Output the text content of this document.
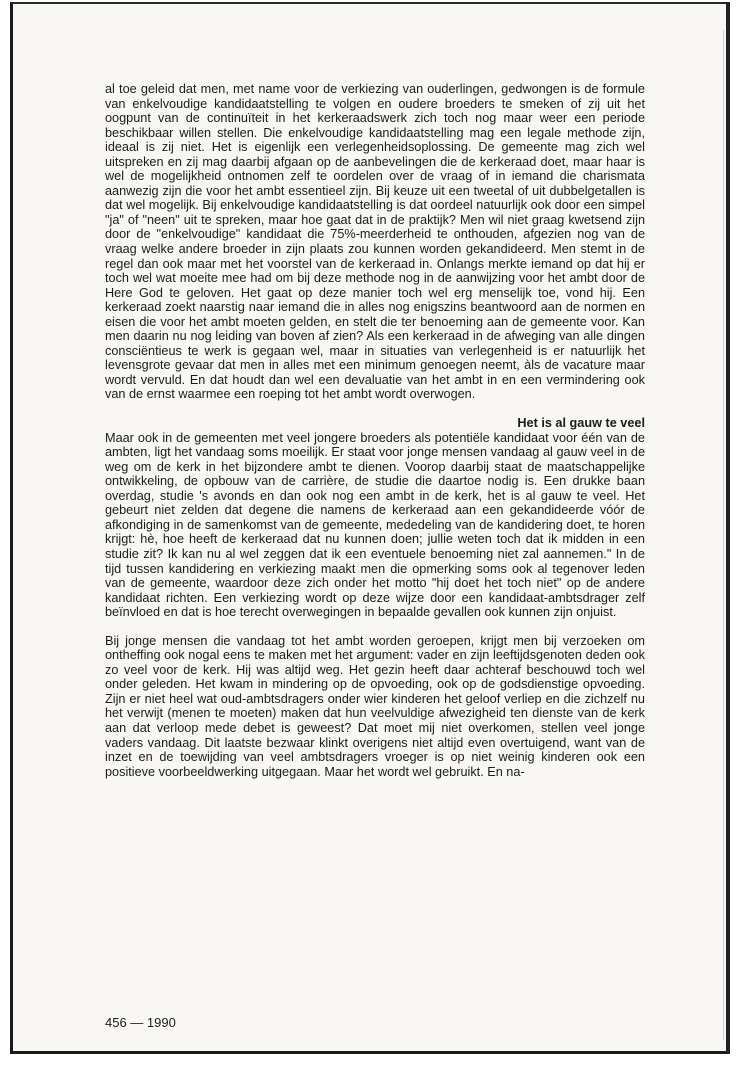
al toe geleid dat men, met name voor de verkiezing van ouderlingen, gedwongen is de formule van enkelvoudige kandidaatstelling te volgen en oudere broeders te smeken of zij uit het oogpunt van de continuïteit in het kerkeraadswerk zich toch nog maar weer een periode beschikbaar willen stellen. Die enkelvoudige kandidaatstelling mag een legale methode zijn, ideaal is zij niet. Het is eigenlijk een verlegenheidsoplossing. De gemeente mag zich wel uitspreken en zij mag daarbij afgaan op de aanbevelingen die de kerkeraad doet, maar haar is wel de mogelijkheid ontnomen zelf te oordelen over de vraag of in iemand die charismata aanwezig zijn die voor het ambt essentieel zijn. Bij keuze uit een tweetal of uit dubbelgetallen is dat wel mogelijk. Bij enkelvoudige kandidaatstelling is dat oordeel natuurlijk ook door een simpel "ja" of "neen" uit te spreken, maar hoe gaat dat in de praktijk? Men wil niet graag kwetsend zijn door de "enkelvoudige" kandidaat die 75%-meerderheid te onthouden, afgezien nog van de vraag welke andere broeder in zijn plaats zou kunnen worden gekandideerd. Men stemt in de regel dan ook maar met het voorstel van de kerkeraad in. Onlangs merkte iemand op dat hij er toch wel wat moeite mee had om bij deze methode nog in de aanwijzing voor het ambt door de Here God te geloven. Het gaat op deze manier toch wel erg menselijk toe, vond hij. Een kerkeraad zoekt naarstig naar iemand die in alles nog enigszins beantwoord aan de normen en eisen die voor het ambt moeten gelden, en stelt die ter benoeming aan de gemeente voor. Kan men daarin nu nog leiding van boven af zien? Als een kerkeraad in de afweging van alle dingen consciëntieus te werk is gegaan wel, maar in situaties van verlegenheid is er natuurlijk het levensgrote gevaar dat men in alles met een minimum genoegen neemt, àls de vacature maar wordt vervuld. En dat houdt dan wel een devaluatie van het ambt in en een vermindering ook van de ernst waarmee een roeping tot het ambt wordt overwogen.

Het is al gauw te veel

Maar ook in de gemeenten met veel jongere broeders als potentiële kandidaat voor één van de ambten, ligt het vandaag soms moeilijk. Er staat voor jonge mensen vandaag al gauw veel in de weg om de kerk in het bijzondere ambt te dienen. Voorop daarbij staat de maatschappelijke ontwikkeling, de opbouw van de carrière, de studie die daartoe nodig is. Een drukke baan overdag, studie 's avonds en dan ook nog een ambt in de kerk, het is al gauw te veel. Het gebeurt niet zelden dat degene die namens de kerkeraad aan een gekandideerde vóór de afkondiging in de samenkomst van de gemeente, mededeling van de kandidering doet, te horen krijgt: hè, hoe heeft de kerkeraad dat nu kunnen doen; jullie weten toch dat ik midden in een studie zit? Ik kan nu al wel zeggen dat ik een eventuele benoeming niet zal aannemen." In de tijd tussen kandidering en verkiezing maakt men die opmerking soms ook al tegenover leden van de gemeente, waardoor deze zich onder het motto "hij doet het toch niet" op de andere kandidaat richten. Een verkiezing wordt op deze wijze door een kandidaat-ambtsdrager zelf beïnvloed en dat is hoe terecht overwegingen in bepaalde gevallen ook kunnen zijn onjuist.

Bij jonge mensen die vandaag tot het ambt worden geroepen, krijgt men bij verzoeken om ontheffing ook nogal eens te maken met het argument: vader en zijn leeftijdsgenoten deden ook zo veel voor de kerk. Hij was altijd weg. Het gezin heeft daar achteraf beschouwd toch wel onder geleden. Het kwam in mindering op de opvoeding, ook op de godsdienstige opvoeding. Zijn er niet heel wat oud-ambtsdragers onder wier kinderen het geloof verliep en die zichzelf nu het verwijt (menen te moeten) maken dat hun veelvuldige afwezigheid ten dienste van de kerk aan dat verloop mede debet is geweest? Dat moet mij niet overkomen, stellen veel jonge vaders vandaag. Dit laatste bezwaar klinkt overigens niet altijd even overtuigend, want van de inzet en de toewijding van veel ambtsdragers vroeger is op niet weinig kinderen ook een positieve voorbeeldwerking uitgegaan. Maar het wordt wel gebruikt. En na-

456 — 1990
